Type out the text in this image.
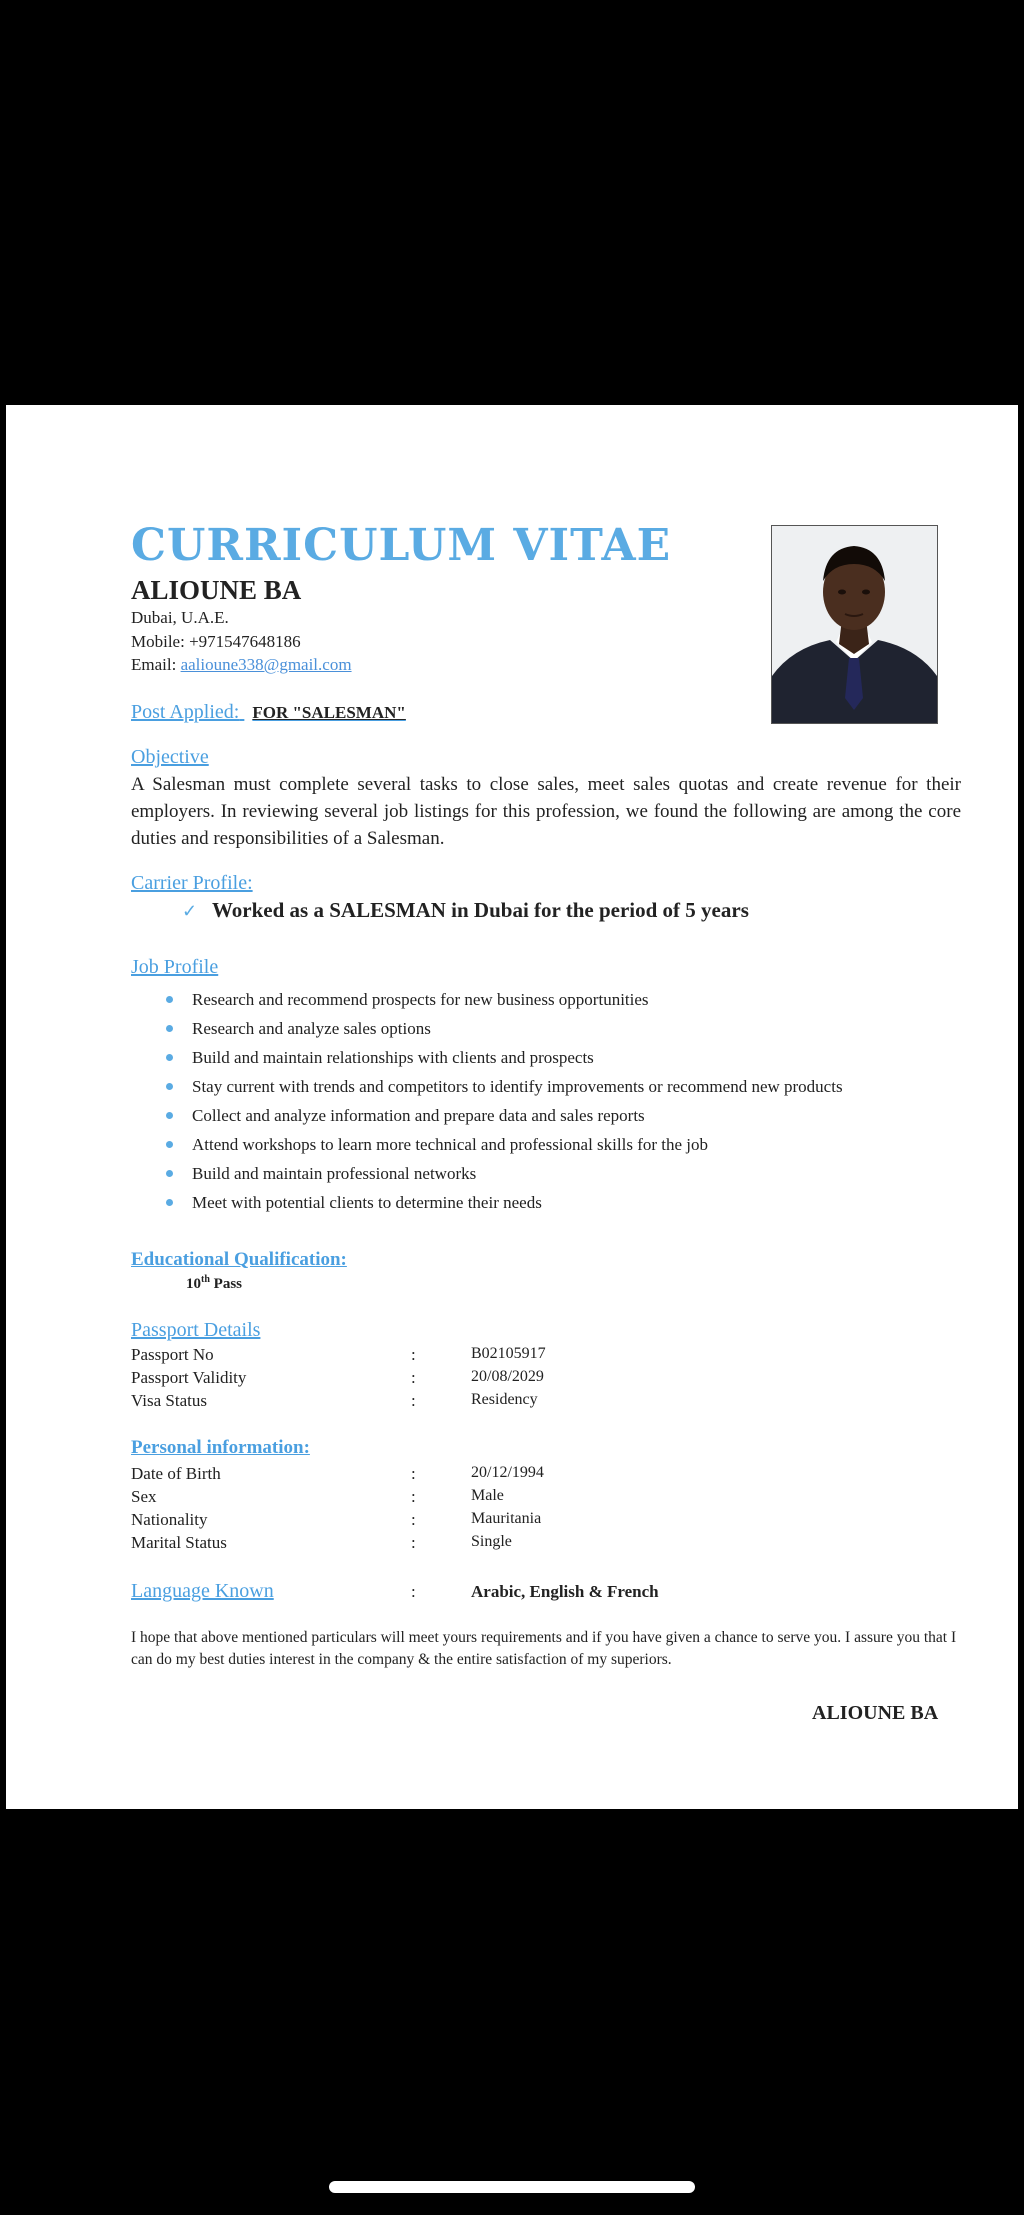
CURRICULUM VITAE
ALIOUNE BA
Dubai, U.A.E.
Mobile: +971547648186
Email: aalioune338@gmail.com
Post Applied: FOR "SALESMAN"
Objective

A Salesman must complete several tasks to close sales, meet sales quotas and create revenue for their employers. In reviewing several job listings for this profession, we found the following are among the core duties and responsibilities of a Salesman.

Carrier Profile:
✓ Worked as a SALESMAN in Dubai for the period of 5 years
Job Profile
Research and recommend prospects for new business opportunities
Research and analyze sales options
Build and maintain relationships with clients and prospects
Stay current with trends and competitors to identify improvements or recommend new products
Collect and analyze information and prepare data and sales reports
Attend workshops to learn more technical and professional skills for the job
Build and maintain professional networks
Meet with potential clients to determine their needs
Educational Qualification:
10th Pass
Passport Details
Passport No	:	B02105917
Passport Validity	:	20/08/2029
Visa Status	:	Residency
Personal information:
Date of Birth	:	20/12/1994
Sex	:	Male
Nationality	:	Mauritania
Marital Status	:	Single
Language Known	:	Arabic, English & French

I hope that above mentioned particulars will meet yours requirements and if you have given a chance to serve you. I assure you that I can do my best duties interest in the company & the entire satisfaction of my superiors.

ALIOUNE BA
